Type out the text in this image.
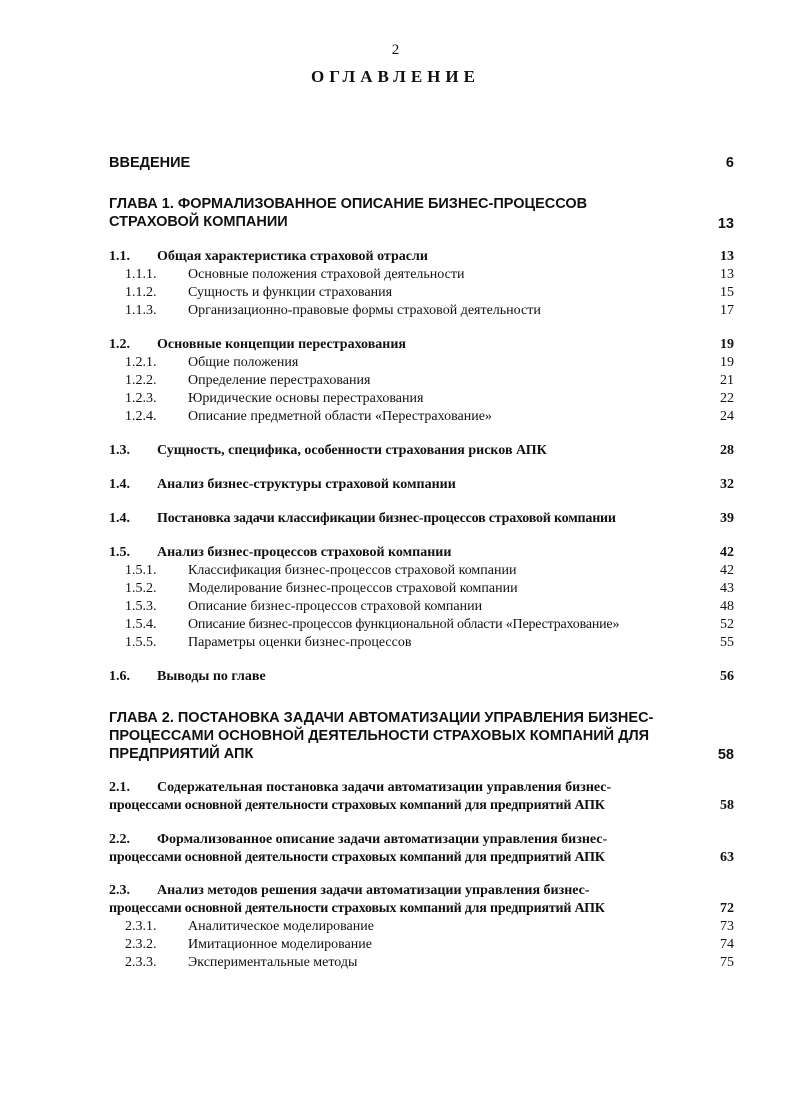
2
ОГЛАВЛЕНИЕ
ВВЕДЕНИЕ	6
ГЛАВА 1. ФОРМАЛИЗОВАННОЕ ОПИСАНИЕ БИЗНЕС-ПРОЦЕССОВ
СТРАХОВОЙ КОМПАНИИ	13
1.1. Общая характеристика страховой отрасли	13
1.1.1. Основные положения страховой деятельности	13
1.1.2. Сущность и функции страхования	15
1.1.3. Организационно-правовые формы страховой деятельности	17
1.2. Основные концепции перестрахования	19
1.2.1. Общие положения	19
1.2.2. Определение перестрахования	21
1.2.3. Юридические основы перестрахования	22
1.2.4. Описание предметной области «Перестрахование»	24
1.3. Сущность, специфика, особенности страхования рисков АПК	28
1.4. Анализ бизнес-структуры страховой компании	32
1.4. Постановка задачи классификации бизнес-процессов страховой компании	39
1.5. Анализ бизнес-процессов страховой компании	42
1.5.1. Классификация бизнес-процессов страховой компании	42
1.5.2. Моделирование бизнес-процессов страховой компании	43
1.5.3. Описание бизнес-процессов страховой компании	48
1.5.4. Описание бизнес-процессов функциональной области «Перестрахование»	52
1.5.5. Параметры оценки бизнес-процессов	55
1.6. Выводы по главе	56
ГЛАВА 2. ПОСТАНОВКА ЗАДАЧИ АВТОМАТИЗАЦИИ УПРАВЛЕНИЯ БИЗНЕС-
ПРОЦЕССАМИ ОСНОВНОЙ ДЕЯТЕЛЬНОСТИ СТРАХОВЫХ КОМПАНИЙ ДЛЯ
ПРЕДПРИЯТИЙ АПК	58
2.1. Содержательная постановка задачи автоматизации управления бизнес-
процессами основной деятельности страховых компаний для предприятий АПК	58
2.2. Формализованное описание задачи автоматизации управления бизнес-
процессами основной деятельности страховых компаний для предприятий АПК	63
2.3. Анализ методов решения задачи автоматизации управления бизнес-
процессами основной деятельности страховых компаний для предприятий АПК	72
2.3.1. Аналитическое моделирование	73
2.3.2. Имитационное моделирование	74
2.3.3. Экспериментальные методы	75
